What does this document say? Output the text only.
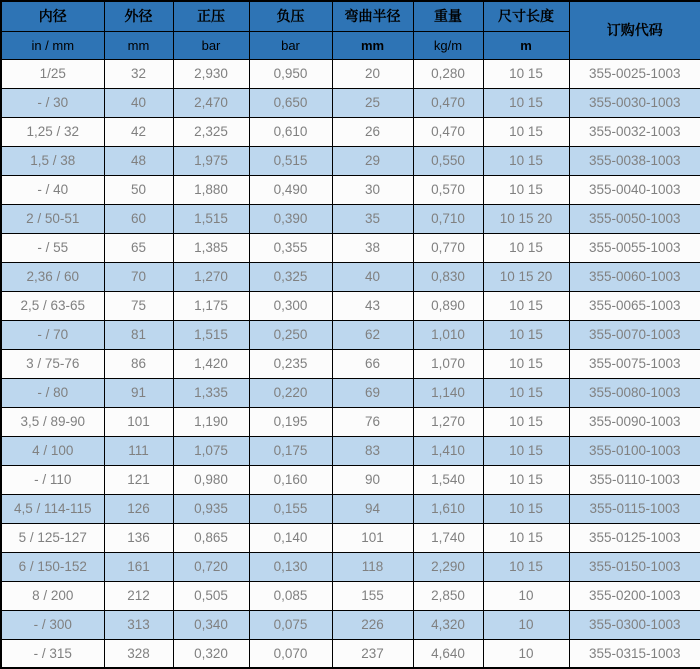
内径	外径	正压	负压	弯曲半径	重量	尺寸长度	订购代码
in / mm	mm	bar	bar	mm	kg/m	m	
1/25	32	2,930	0,950	20	0,280	10 15	355-0025-1003
- / 30	40	2,470	0,650	25	0,470	10 15	355-0030-1003
1,25 / 32	42	2,325	0,610	26	0,470	10 15	355-0032-1003
1,5 / 38	48	1,975	0,515	29	0,550	10 15	355-0038-1003
- / 40	50	1,880	0,490	30	0,570	10 15	355-0040-1003
2 / 50-51	60	1,515	0,390	35	0,710	10 15 20	355-0050-1003
- / 55	65	1,385	0,355	38	0,770	10 15	355-0055-1003
2,36 / 60	70	1,270	0,325	40	0,830	10 15 20	355-0060-1003
2,5 / 63-65	75	1,175	0,300	43	0,890	10 15	355-0065-1003
- / 70	81	1,515	0,250	62	1,010	10 15	355-0070-1003
3 / 75-76	86	1,420	0,235	66	1,070	10 15	355-0075-1003
- / 80	91	1,335	0,220	69	1,140	10 15	355-0080-1003
3,5 / 89-90	101	1,190	0,195	76	1,270	10 15	355-0090-1003
4 / 100	111	1,075	0,175	83	1,410	10 15	355-0100-1003
- / 110	121	0,980	0,160	90	1,540	10 15	355-0110-1003
4,5 / 114-115	126	0,935	0,155	94	1,610	10 15	355-0115-1003
5 / 125-127	136	0,865	0,140	101	1,740	10 15	355-0125-1003
6 / 150-152	161	0,720	0,130	118	2,290	10 15	355-0150-1003
8 / 200	212	0,505	0,085	155	2,850	10	355-0200-1003
- / 300	313	0,340	0,075	226	4,320	10	355-0300-1003
- / 315	328	0,320	0,070	237	4,640	10	355-0315-1003
